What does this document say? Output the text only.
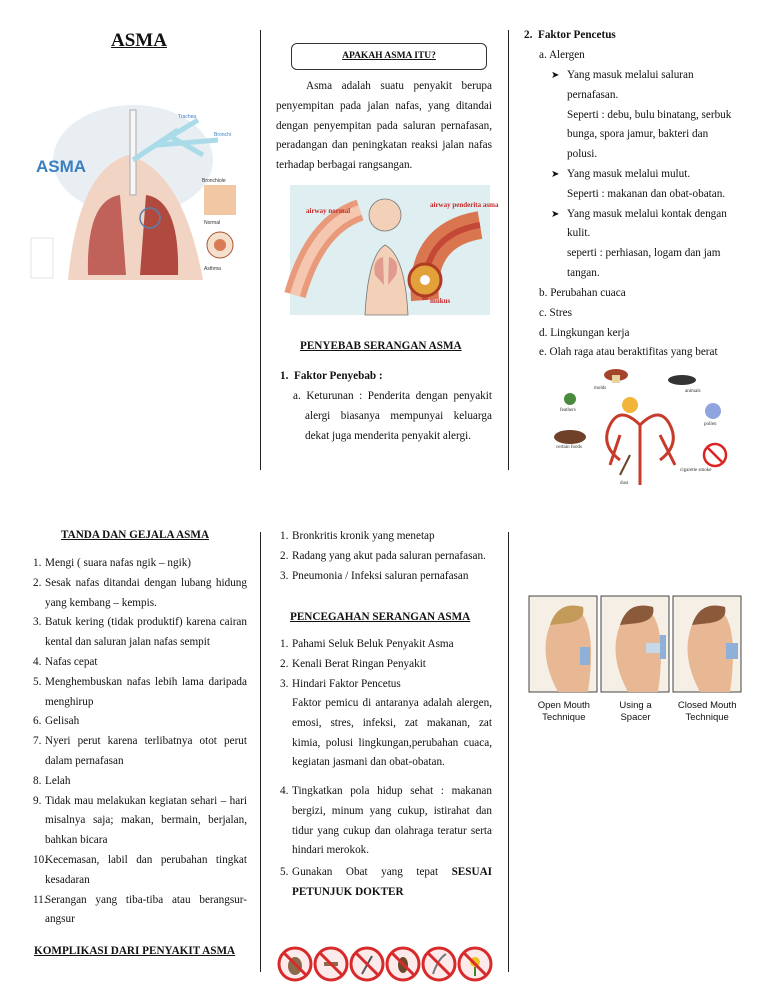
ASMA
ASMA
Trachea
Bronchi
Bronchiole
Normal
Asthma
APAKAH ASMA ITU?
Asma adalah suatu penyakit berupa penyempitan pada jalan nafas, yang ditandai dengan penyempitan pada saluran pernafasan, peradangan dan peningkatan reaksi jalan nafas terhadap berbagai rangsangan.
airway normal
airway penderita asma
mukus
PENYEBAB SERANGAN ASMA
1.  Faktor Penyebab :
a. Keturunan : Penderita dengan penyakit alergi biasanya mempunyai keluarga dekat juga menderita penyakit alergi.
2.  Faktor Pencetus
a. Alergen
➤ Yang masuk melalui saluran pernafasan.
Seperti : debu, bulu binatang, serbuk bunga, spora jamur, bakteri dan polusi.
➤ Yang masuk melalui mulut.
Seperti : makanan dan obat-obatan.
➤ Yang masuk melalui kontak dengan kulit.
seperti : perhiasan, logam dan jam tangan.
b. Perubahan cuaca
c. Stres
d. Lingkungan kerja
e. Olah raga atau beraktifitas yang berat
molds
animals
feathers
pollen
certain foods
cigarette smoke
dust
TANDA DAN GEJALA ASMA
1. Mengi ( suara nafas ngik – ngik)
2. Sesak nafas ditandai dengan lubang hidung yang kembang – kempis.
3. Batuk kering (tidak produktif) karena cairan kental dan saluran jalan nafas sempit
4. Nafas cepat
5. Menghembuskan nafas lebih lama daripada menghirup
6. Gelisah
7. Nyeri perut karena terlibatnya otot perut dalam pernafasan
8. Lelah
9. Tidak mau melakukan kegiatan sehari – hari misalnya saja; makan, bermain, berjalan, bahkan bicara
10.
Kecemasan, labil dan perubahan tingkat kesadaran
11.
Serangan yang tiba-tiba atau berangsur-angsur
KOMPLIKASI DARI PENYAKIT ASMA
1. Bronkritis kronik yang menetap
2. Radang yang akut pada saluran pernafasan.
3. Pneumonia / Infeksi saluran pernafasan
PENCEGAHAN SERANGAN ASMA
1. Pahami Seluk Beluk Penyakit Asma
2. Kenali Berat Ringan Penyakit
3. Hindari Faktor Pencetus
Faktor pemicu di antaranya adalah alergen, emosi, stres, infeksi, zat makanan, zat kimia, polusi lingkungan,perubahan cuaca, kegiatan jasmani dan obat-obatan.
4. Tingkatkan pola hidup sehat : makanan bergizi, minum yang cukup, istirahat dan tidur yang cukup dan olahraga teratur serta hindari merokok.
5. Gunakan Obat yang tepat SESUAI PETUNJUK DOKTER
Open Mouth
Technique
Using a
Spacer
Closed Mouth
Technique
